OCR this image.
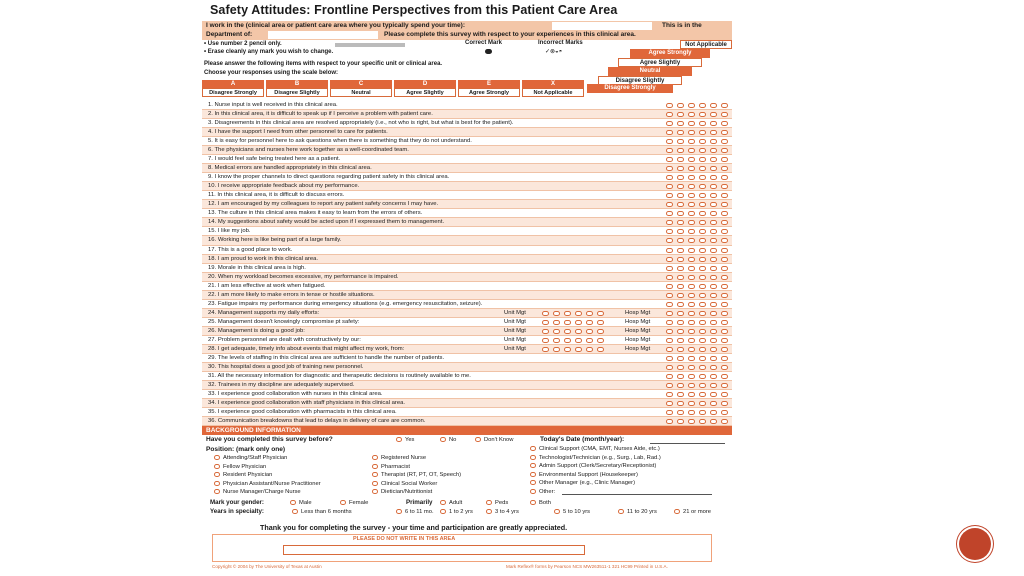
Safety Attitudes: Frontline Perspectives from this Patient Care Area
I work in the (clinical area or patient care area where you typically spend your time):	This is in the
Department of:	Please complete this survey with respect to your experiences in this clinical area.
• Use number 2 pencil only.
• Erase cleanly any mark you wish to change.
Correct Mark	Incorrect Marks
✓⊗◒◓
Please answer the following items with respect to your specific unit or clinical area.
Choose your responses using the scale below:
Not Applicable
Agree Strongly
Agree Slightly
Neutral
Disagree Slightly
Disagree Strongly
A
Disagree Strongly
B
Disagree Slightly
C
Neutral
D
Agree Slightly
E
Agree Strongly
X
Not Applicable
1. Nurse input is well received in this clinical area.
2. In this clinical area, it is difficult to speak up if I perceive a problem with patient care.
3. Disagreements in this clinical area are resolved appropriately (i.e., not who is right, but what is best for the patient).
4. I have the support I need from other personnel to care for patients.
5. It is easy for personnel here to ask questions when there is something that they do not understand.
6. The physicians and nurses here work together as a well-coordinated team.
7. I would feel safe being treated here as a patient.
8. Medical errors are handled appropriately in this clinical area.
9. I know the proper channels to direct questions regarding patient safety in this clinical area.
10. I receive appropriate feedback about my performance.
11. In this clinical area, it is difficult to discuss errors.
12. I am encouraged by my colleagues to report any patient safety concerns I may have.
13. The culture in this clinical area makes it easy to learn from the errors of others.
14. My suggestions about safety would be acted upon if I expressed them to management.
15. I like my job.
16. Working here is like being part of a large family.
17. This is a good place to work.
18. I am proud to work in this clinical area.
19. Morale in this clinical area is high.
20. When my workload becomes excessive, my performance is impaired.
21. I am less effective at work when fatigued.
22. I am more likely to make errors in tense or hostile situations.
23. Fatigue impairs my performance during emergency situations (e.g. emergency resuscitation, seizure).
24. Management supports my daily efforts:	Unit Mgt	Hosp Mgt
25. Management doesn't knowingly compromise pt safety:	Unit Mgt	Hosp Mgt
26. Management is doing a good job:	Unit Mgt	Hosp Mgt
27. Problem personnel are dealt with constructively by our:	Unit Mgt	Hosp Mgt
28. I get adequate, timely info about events that might affect my work, from:	Unit Mgt	Hosp Mgt
29. The levels of staffing in this clinical area are sufficient to handle the number of patients.
30. This hospital does a good job of training new personnel.
31. All the necessary information for diagnostic and therapeutic decisions is routinely available to me.
32. Trainees in my discipline are adequately supervised.
33. I experience good collaboration with nurses in this clinical area.
34. I experience good collaboration with staff physicians in this clinical area.
35. I experience good collaboration with pharmacists in this clinical area.
36. Communication breakdowns that lead to delays in delivery of care are common.
BACKGROUND INFORMATION
Have you completed this survey before?	Yes	No	Don't Know	Today's Date (month/year):
Position: (mark only one)
Attending/Staff Physician
Fellow Physician
Resident Physician
Physician Assistant/Nurse Practitioner
Nurse Manager/Charge Nurse
Registered Nurse
Pharmacist
Therapist (RT, PT, OT, Speech)
Clinical Social Worker
Dietician/Nutritionist
Clinical Support (CMA, EMT, Nurses Aide, etc.)
Technologist/Technician (e.g., Surg., Lab, Rad.)
Admin Support (Clerk/Secretary/Receptionist)
Environmental Support (Housekeeper)
Other Manager (e.g., Clinic Manager)
Other:
Mark your gender:	Male	Female	Primarily	Adult	Peds	Both
Years in specialty:	Less than 6 months	6 to 11 mo.	1 to 2 yrs	3 to 4 yrs	5 to 10 yrs	11 to 20 yrs	21 or more
Thank you for completing the survey - your time and participation are greatly appreciated.
PLEASE DO NOT WRITE IN THIS AREA
Copyright © 2004 by The University of Texas at Austin	Mark Reflex® forms by Pearson NCS MW263511-1 321 HC99 Printed in U.S.A.
